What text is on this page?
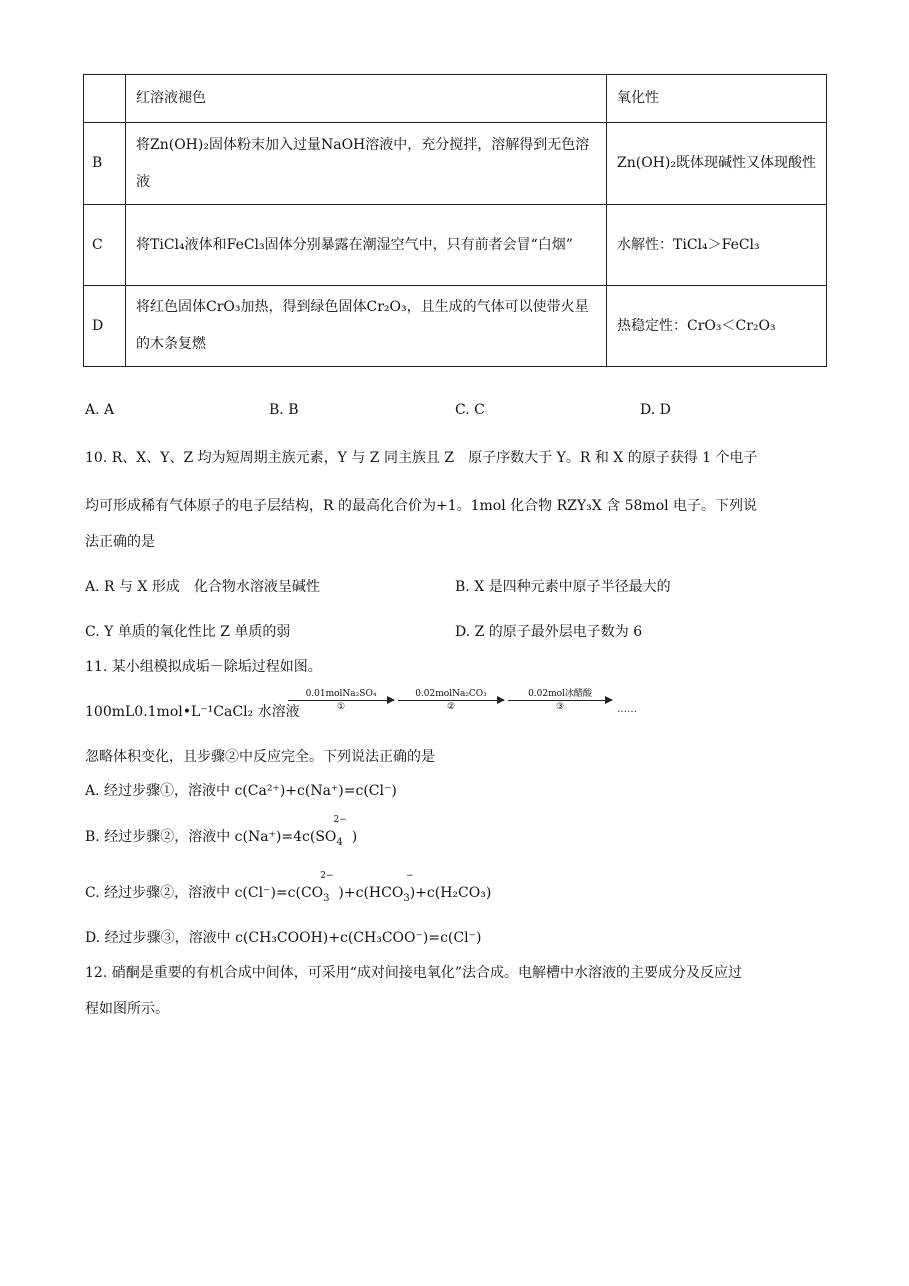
	红溶液褪色	氧化性
B	将Zn(OH)₂固体粉末加入过量NaOH溶液中，充分搅拌，溶解得到无色溶液	Zn(OH)₂既体现碱性又体现酸性
C	将TiCl₄液体和FeCl₃固体分别暴露在潮湿空气中，只有前者会冒“白烟”	水解性：TiCl₄＞FeCl₃
D	将红色固体CrO₃加热，得到绿色固体Cr₂O₃，且生成的气体可以使带火星的木条复燃	热稳定性：CrO₃＜Cr₂O₃
A. A	B. B	C. C	D. D
10. R、X、Y、Z 均为短周期主族元素，Y 与 Z 同主族且 Z　原子序数大于 Y。R 和 X 的原子获得 1 个电子
均可形成稀有气体原子的电子层结构，R 的最高化合价为+1。1mol 化合物 RZY₃X 含 58mol 电子。下列说
法正确的是
A. R 与 X 形成　化合物水溶液呈碱性	B. X 是四种元素中原子半径最大的
C. Y 单质的氧化性比 Z 单质的弱	D. Z 的原子最外层电子数为 6
11. 某小组模拟成垢－除垢过程如图。
100mL0.1mol•L⁻¹CaCl₂ 水溶液
0.01molNa₂SO₄
①
0.02molNa₂CO₃
②
0.02mol冰醋酸
③	……
忽略体积变化，且步骤②中反应完全。下列说法正确的是
A. 经过步骤①，溶液中 c(Ca²⁺)+c(Na⁺)=c(Cl⁻)
B. 经过步骤②，溶液中 $c(Na^+)=4c(SO_4$
2−
)
C. 经过步骤②，溶液中 $c(Cl^-)=c(CO_3$
2−
)$+c(HCO_3$
−
)+c(H₂CO₃)
D. 经过步骤③，溶液中 c(CH₃COOH)+c(CH₃COO⁻)=c(Cl⁻)
12. 硝酮是重要的有机合成中间体，可采用“成对间接电氧化”法合成。电解槽中水溶液的主要成分及反应过
程如图所示。
